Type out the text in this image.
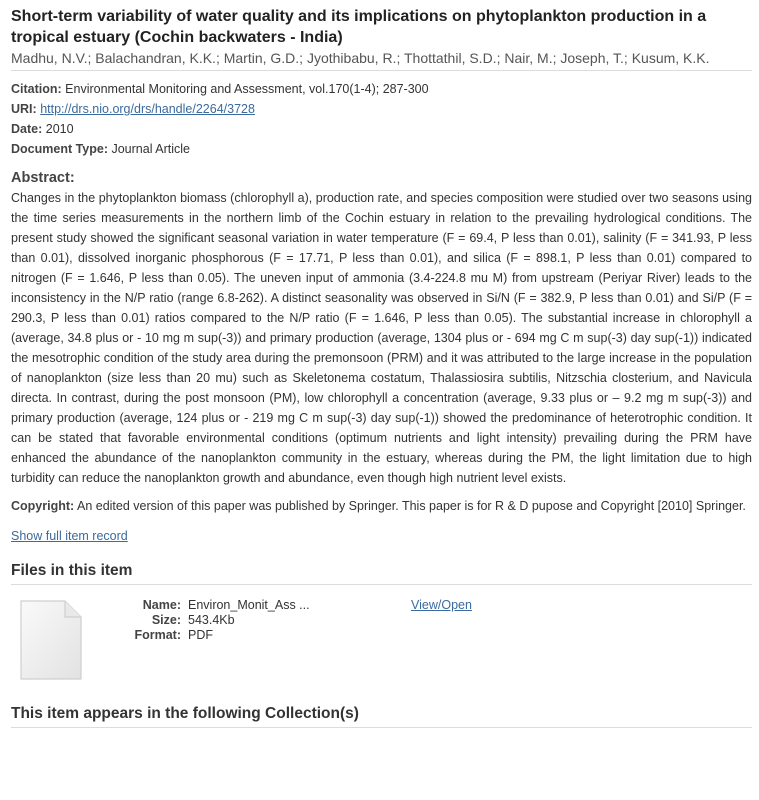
Short-term variability of water quality and its implications on phytoplankton production in a tropical estuary (Cochin backwaters - India)
Madhu, N.V.; Balachandran, K.K.; Martin, G.D.; Jyothibabu, R.; Thottathil, S.D.; Nair, M.; Joseph, T.; Kusum, K.K.
Citation: Environmental Monitoring and Assessment, vol.170(1-4); 287-300
URI: http://drs.nio.org/drs/handle/2264/3728
Date: 2010
Document Type: Journal Article
Abstract:
Changes in the phytoplankton biomass (chlorophyll a), production rate, and species composition were studied over two seasons using the time series measurements in the northern limb of the Cochin estuary in relation to the prevailing hydrological conditions. The present study showed the significant seasonal variation in water temperature (F = 69.4, P less than 0.01), salinity (F = 341.93, P less than 0.01), dissolved inorganic phosphorous (F = 17.71, P less than 0.01), and silica (F = 898.1, P less than 0.01) compared to nitrogen (F = 1.646, P less than 0.05). The uneven input of ammonia (3.4-224.8 mu M) from upstream (Periyar River) leads to the inconsistency in the N/P ratio (range 6.8-262). A distinct seasonality was observed in Si/N (F = 382.9, P less than 0.01) and Si/P (F = 290.3, P less than 0.01) ratios compared to the N/P ratio (F = 1.646, P less than 0.05). The substantial increase in chlorophyll a (average, 34.8 plus or - 10 mg m sup(-3)) and primary production (average, 1304 plus or - 694 mg C m sup(-3) day sup(-1)) indicated the mesotrophic condition of the study area during the premonsoon (PRM) and it was attributed to the large increase in the population of nanoplankton (size less than 20 mu) such as Skeletonema costatum, Thalassiosira subtilis, Nitzschia closterium, and Navicula directa. In contrast, during the post monsoon (PM), low chlorophyll a concentration (average, 9.33 plus or – 9.2 mg m sup(-3)) and primary production (average, 124 plus or - 219 mg C m sup(-3) day sup(-1)) showed the predominance of heterotrophic condition. It can be stated that favorable environmental conditions (optimum nutrients and light intensity) prevailing during the PRM have enhanced the abundance of the nanoplankton community in the estuary, whereas during the PM, the light limitation due to high turbidity can reduce the nanoplankton growth and abundance, even though high nutrient level exists.
Copyright: An edited version of this paper was published by Springer. This paper is for R & D pupose and Copyright [2010] Springer.
Show full item record
Files in this item
Name: Environ_Monit_Ass ...
Size: 543.4Kb
Format: PDF
View/Open
This item appears in the following Collection(s)
